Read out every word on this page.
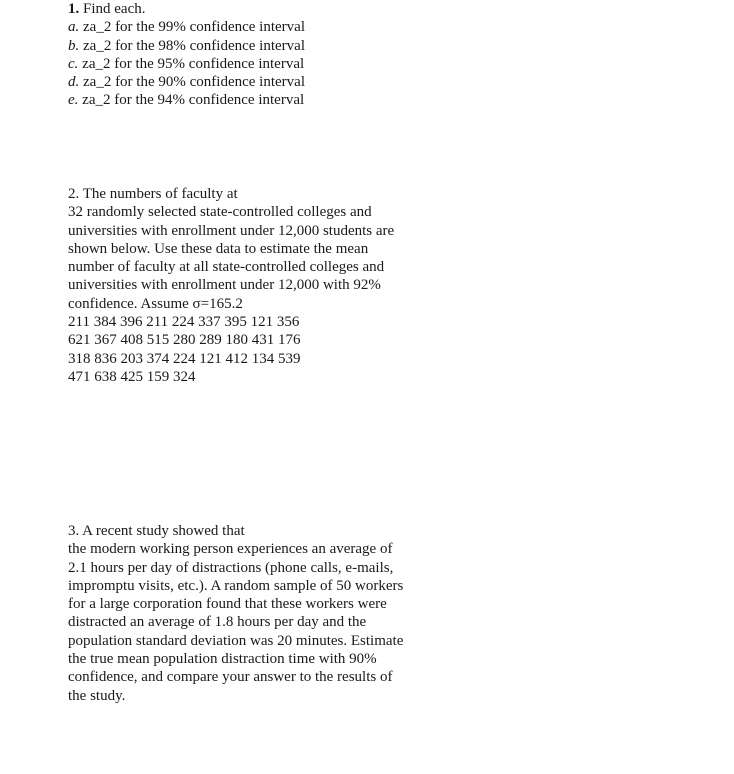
1. Find each.
a. za_2 for the 99% confidence interval
b. za_2 for the 98% confidence interval
c. za_2 for the 95% confidence interval
d. za_2 for the 90% confidence interval
e. za_2 for the 94% confidence interval
2. The numbers of faculty at
32 randomly selected state-controlled colleges and
universities with enrollment under 12,000 students are
shown below. Use these data to estimate the mean
number of faculty at all state-controlled colleges and
universities with enrollment under 12,000 with 92%
confidence. Assume σ=165.2
211 384 396 211 224 337 395 121 356
621 367 408 515 280 289 180 431 176
318 836 203 374 224 121 412 134 539
471 638 425 159 324
3. A recent study showed that
the modern working person experiences an average of
2.1 hours per day of distractions (phone calls, e-mails,
impromptu visits, etc.). A random sample of 50 workers
for a large corporation found that these workers were
distracted an average of 1.8 hours per day and the
population standard deviation was 20 minutes. Estimate
the true mean population distraction time with 90%
confidence, and compare your answer to the results of
the study.
